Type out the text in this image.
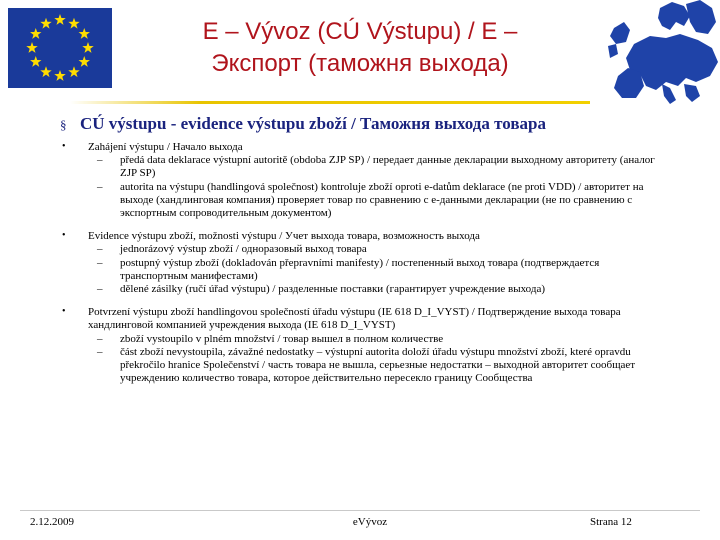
E – Vývoz (CÚ Výstupu) / E –
Экспорт (таможня выхода)
§ CÚ výstupu - evidence výstupu zboží / Таможня выхода товара
• Zahájení výstupu / Начало выхода
– předá data deklarace výstupní autoritě (obdoba ZJP SP) / передает данные декларации выходному авторитету (аналог ZJP SP)
– autorita na výstupu (handlingová společnost) kontroluje zboží oproti e-datům deklarace (ne proti VDD) / авторитет на выходе (хандлинговая компания) проверяет товар по сравнению с е-данными декларации (не по сравнению с экспортным сопроводительным документом)
• Evidence výstupu zboží, možnosti výstupu / Учет выхода товара, возможность выхода
– jednorázový výstup zboží / одноразовый выход товара
– postupný výstup zboží (dokladován přepravními manifesty) / постепенный выход товара (подтверждается транспортным манифестами)
– dělené zásilky (ručí úřad výstupu) / разделенные поставки (гарантирует учреждение выхода)
• Potvrzení výstupu zboží handlingovou společností úřadu výstupu (IE 618 D_I_VYST) / Подтверждение выхода товара хандлинговой компанией учреждения выхода (IE 618 D_I_VYST)
– zboží vystoupilo v plném množství / товар вышел в полном количестве
– část zboží nevystoupila, závažné nedostatky – výstupní autorita doloží úřadu výstupu množství zboží, které opravdu překročilo hranice Společenství / часть товара не вышла, серьезные недостатки – выходной авторитет сообщает учреждению количество товара, которое действительно пересекло границу Сообщества
2.12.2009	eVývoz	Strana 12
